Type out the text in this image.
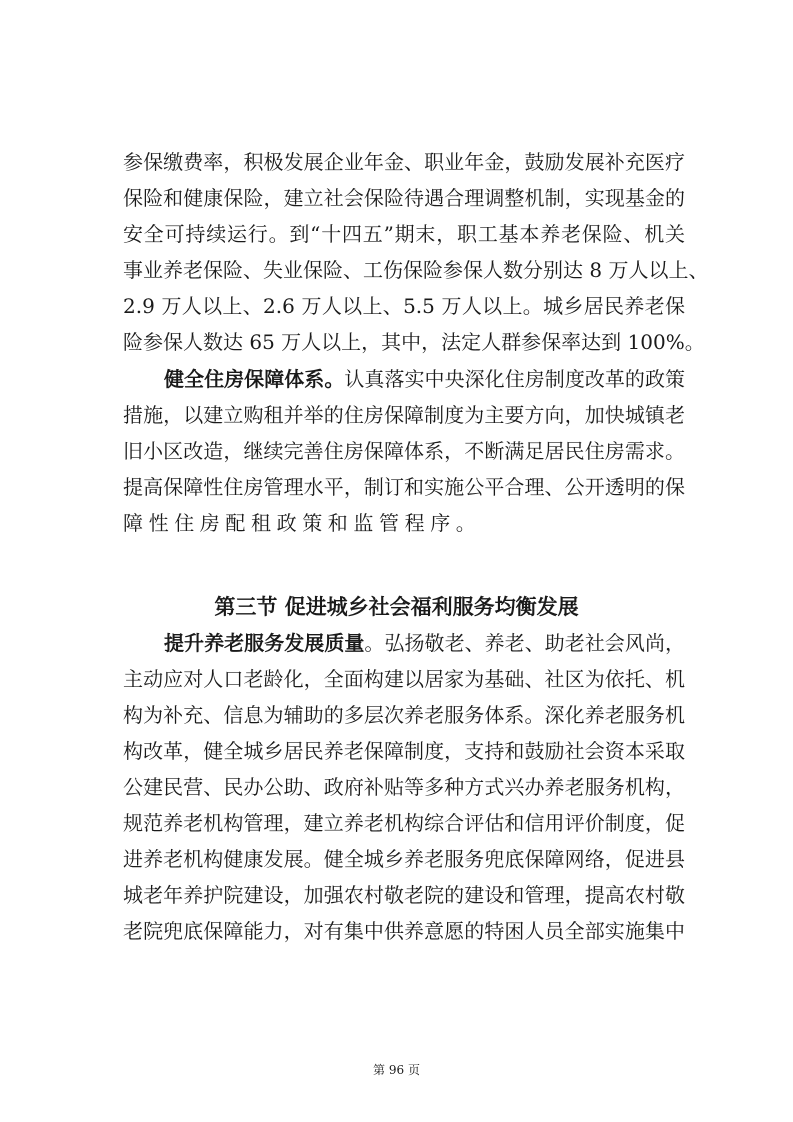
参保缴费率，积极发展企业年金、职业年金，鼓励发展补充医疗
保险和健康保险，建立社会保险待遇合理调整机制，实现基金的
安全可持续运行。到“十四五”期末，职工基本养老保险、机关
事业养老保险、失业保险、工伤保险参保人数分别达 8 万人以上、
2.9 万人以上、2.6 万人以上、5.5 万人以上。城乡居民养老保
险参保人数达 65 万人以上，其中，法定人群参保率达到 100%。
健全住房保障体系。认真落实中央深化住房制度改革的政策
措施，以建立购租并举的住房保障制度为主要方向，加快城镇老
旧小区改造，继续完善住房保障体系，不断满足居民住房需求。
提高保障性住房管理水平，制订和实施公平合理、公开透明的保
障性住房配租政策和监管程序。
第三节 促进城乡社会福利服务均衡发展
提升养老服务发展质量。弘扬敬老、养老、助老社会风尚，
主动应对人口老龄化，全面构建以居家为基础、社区为依托、机
构为补充、信息为辅助的多层次养老服务体系。深化养老服务机
构改革，健全城乡居民养老保障制度，支持和鼓励社会资本采取
公建民营、民办公助、政府补贴等多种方式兴办养老服务机构，
规范养老机构管理，建立养老机构综合评估和信用评价制度，促
进养老机构健康发展。健全城乡养老服务兜底保障网络，促进县
城老年养护院建设，加强农村敬老院的建设和管理，提高农村敬
老院兜底保障能力，对有集中供养意愿的特困人员全部实施集中
第 96 页
